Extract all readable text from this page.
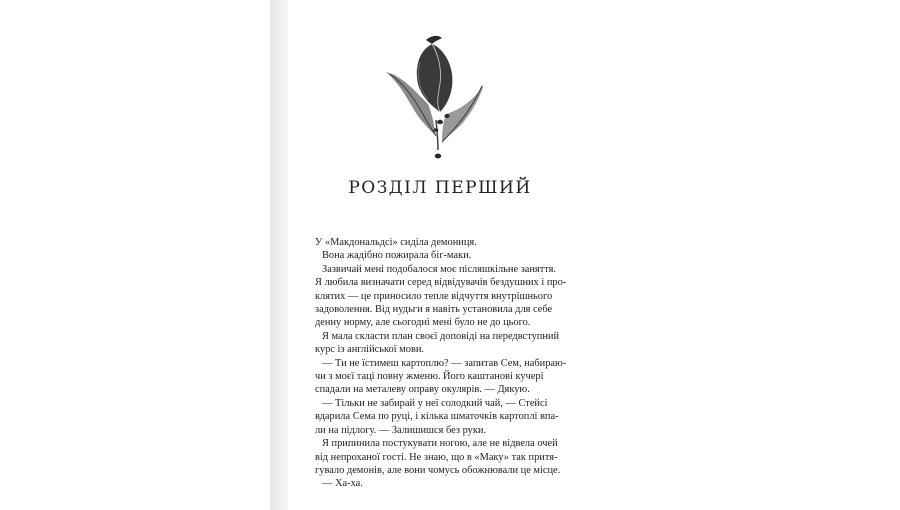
РОЗДІЛ ПЕРШИЙ
У «Макдональдсі» сиділа демониця.
Вона жадібно пожирала біг-маки.
Зазвичай мені подобалося моє післяшкільне заняття.
Я любила визначати серед відвідувачів бездушних і про-
клятих — це приносило тепле відчуття внутрішнього
задоволення. Від нудьги я навіть установила для себе
денну норму, але сьогодні мені було не до цього.
Я мала скласти план своєї доповіді на передвступний
курс із англійської мови.
— Ти не їстимеш картоплю? — запитав Сем, набираю-
чи з моєї таці повну жменю. Його каштанові кучері
спадали на металеву оправу окулярів. — Дякую.
— Тільки не забирай у неї солодкий чай, — Стейсі
вдарила Сема по руці, і кілька шматочків картоплі впа-
ли на підлогу. — Залишишся без руки.
Я припинила постукувати ногою, але не відвела очей
від непроханої гості. Не знаю, що в «Маку» так притя-
гувало демонів, але вони чомусь обожнювали це місце.
— Ха-ха.
